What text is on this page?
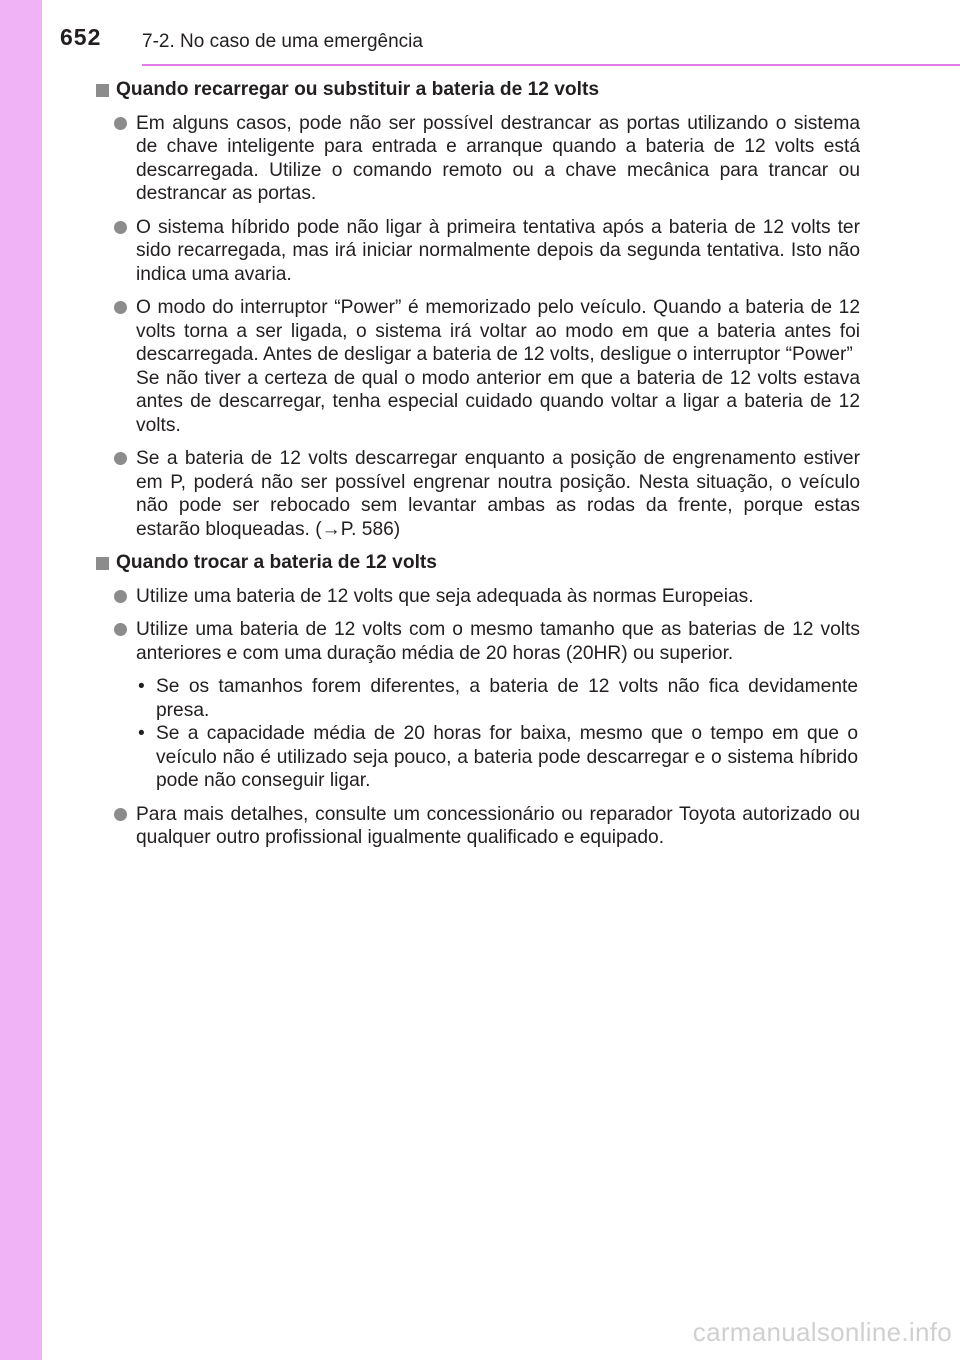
652 7-2. No caso de uma emergência
Quando recarregar ou substituir a bateria de 12 volts

Em alguns casos, pode não ser possível destrancar as portas utilizando o sistema de chave inteligente para entrada e arranque quando a bateria de 12 volts está descarregada. Utilize o comando remoto ou a chave mecânica para trancar ou destrancar as portas.

O sistema híbrido pode não ligar à primeira tentativa após a bateria de 12 volts ter sido recarregada, mas irá iniciar normalmente depois da segunda tentativa. Isto não indica uma avaria.

O modo do interruptor “Power” é memorizado pelo veículo. Quando a bateria de 12 volts torna a ser ligada, o sistema irá voltar ao modo em que a bateria antes foi descarregada. Antes de desligar a bateria de 12 volts, desligue o interruptor “Power”

Se não tiver a certeza de qual o modo anterior em que a bateria de 12 volts estava antes de descarregar, tenha especial cuidado quando voltar a ligar a bateria de 12 volts.

Se a bateria de 12 volts descarregar enquanto a posição de engrenamento estiver em P, poderá não ser possível engrenar noutra posição. Nesta situação, o veículo não pode ser rebocado sem levantar ambas as rodas da frente, porque estas estarão bloqueadas. (→P. 586)

Quando trocar a bateria de 12 volts

Utilize uma bateria de 12 volts que seja adequada às normas Europeias.

Utilize uma bateria de 12 volts com o mesmo tamanho que as baterias de 12 volts anteriores e com uma duração média de 20 horas (20HR) ou superior.

• Se os tamanhos forem diferentes, a bateria de 12 volts não fica devidamente presa.
• Se a capacidade média de 20 horas for baixa, mesmo que o tempo em que o veículo não é utilizado seja pouco, a bateria pode descarregar e o sistema híbrido pode não conseguir ligar.

Para mais detalhes, consulte um concessionário ou reparador Toyota autorizado ou qualquer outro profissional igualmente qualificado e equipado.

carmanualsonline.info
